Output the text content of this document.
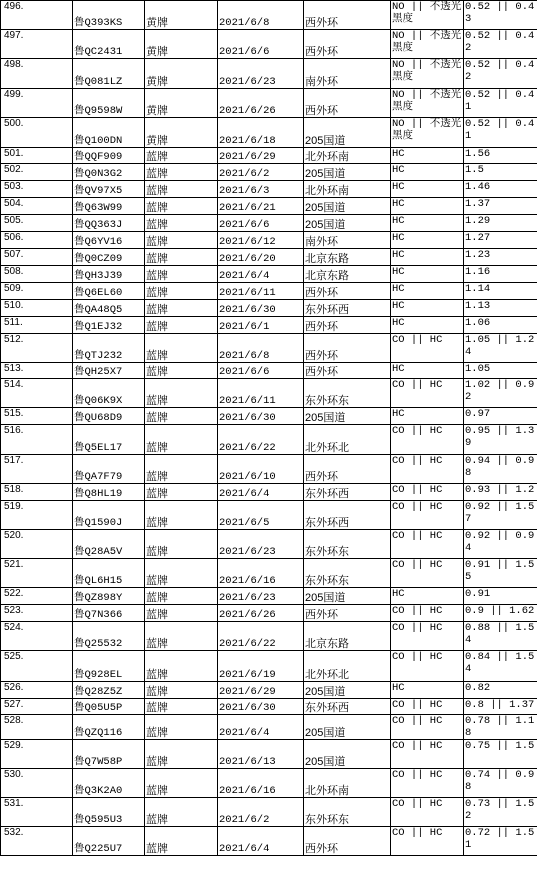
496.	鲁Q393KS	黄牌	2021/6/8	西外环	NO || 不透光黑度	0.52 || 0.43
497.	鲁QC2431	黄牌	2021/6/6	西外环	NO || 不透光黑度	0.52 || 0.42
498.	鲁Q081LZ	黄牌	2021/6/23	南外环	NO || 不透光黑度	0.52 || 0.42
499.	鲁Q9598W	黄牌	2021/6/26	西外环	NO || 不透光黑度	0.52 || 0.41
500.	鲁Q100DN	黄牌	2021/6/18	205国道	NO || 不透光黑度	0.52 || 0.41
501.	鲁QQF909	蓝牌	2021/6/29	北外环南	HC	1.56
502.	鲁Q0N3G2	蓝牌	2021/6/2	205国道	HC	1.5
503.	鲁QV97X5	蓝牌	2021/6/3	北外环南	HC	1.46
504.	鲁Q63W99	蓝牌	2021/6/21	205国道	HC	1.37
505.	鲁QQ363J	蓝牌	2021/6/6	205国道	HC	1.29
506.	鲁Q6YV16	蓝牌	2021/6/12	南外环	HC	1.27
507.	鲁Q0CZ09	蓝牌	2021/6/20	北京东路	HC	1.23
508.	鲁QH3J39	蓝牌	2021/6/4	北京东路	HC	1.16
509.	鲁Q6EL60	蓝牌	2021/6/11	西外环	HC	1.14
510.	鲁QA48Q5	蓝牌	2021/6/30	东外环西	HC	1.13
511.	鲁Q1EJ32	蓝牌	2021/6/1	西外环	HC	1.06
512.	鲁QTJ232	蓝牌	2021/6/8	西外环	CO || HC	1.05 || 1.24
513.	鲁QH25X7	蓝牌	2021/6/6	西外环	HC	1.05
514.	鲁Q06K9X	蓝牌	2021/6/11	东外环东	CO || HC	1.02 || 0.92
515.	鲁QU68D9	蓝牌	2021/6/30	205国道	HC	0.97
516.	鲁Q5EL17	蓝牌	2021/6/22	北外环北	CO || HC	0.95 || 1.39
517.	鲁QA7F79	蓝牌	2021/6/10	西外环	CO || HC	0.94 || 0.98
518.	鲁Q8HL19	蓝牌	2021/6/4	东外环西	CO || HC	0.93 || 1.2
519.	鲁Q1590J	蓝牌	2021/6/5	东外环西	CO || HC	0.92 || 1.57
520.	鲁Q28A5V	蓝牌	2021/6/23	东外环东	CO || HC	0.92 || 0.94
521.	鲁QL6H15	蓝牌	2021/6/16	东外环东	CO || HC	0.91 || 1.55
522.	鲁QZ898Y	蓝牌	2021/6/23	205国道	HC	0.91
523.	鲁Q7N366	蓝牌	2021/6/26	西外环	CO || HC	0.9 || 1.62
524.	鲁Q25532	蓝牌	2021/6/22	北京东路	CO || HC	0.88 || 1.54
525.	鲁Q928EL	蓝牌	2021/6/19	北外环北	CO || HC	0.84 || 1.54
526.	鲁Q28Z5Z	蓝牌	2021/6/29	205国道	HC	0.82
527.	鲁Q05U5P	蓝牌	2021/6/30	东外环西	CO || HC	0.8 || 1.37
528.	鲁QZQ116	蓝牌	2021/6/4	205国道	CO || HC	0.78 || 1.18
529.	鲁Q7W58P	蓝牌	2021/6/13	205国道	CO || HC	0.75 || 1.5
530.	鲁Q3K2A0	蓝牌	2021/6/16	北外环南	CO || HC	0.74 || 0.98
531.	鲁Q595U3	蓝牌	2021/6/2	东外环东	CO || HC	0.73 || 1.52
532.	鲁Q225U7	蓝牌	2021/6/4	西外环	CO || HC	0.72 || 1.51
